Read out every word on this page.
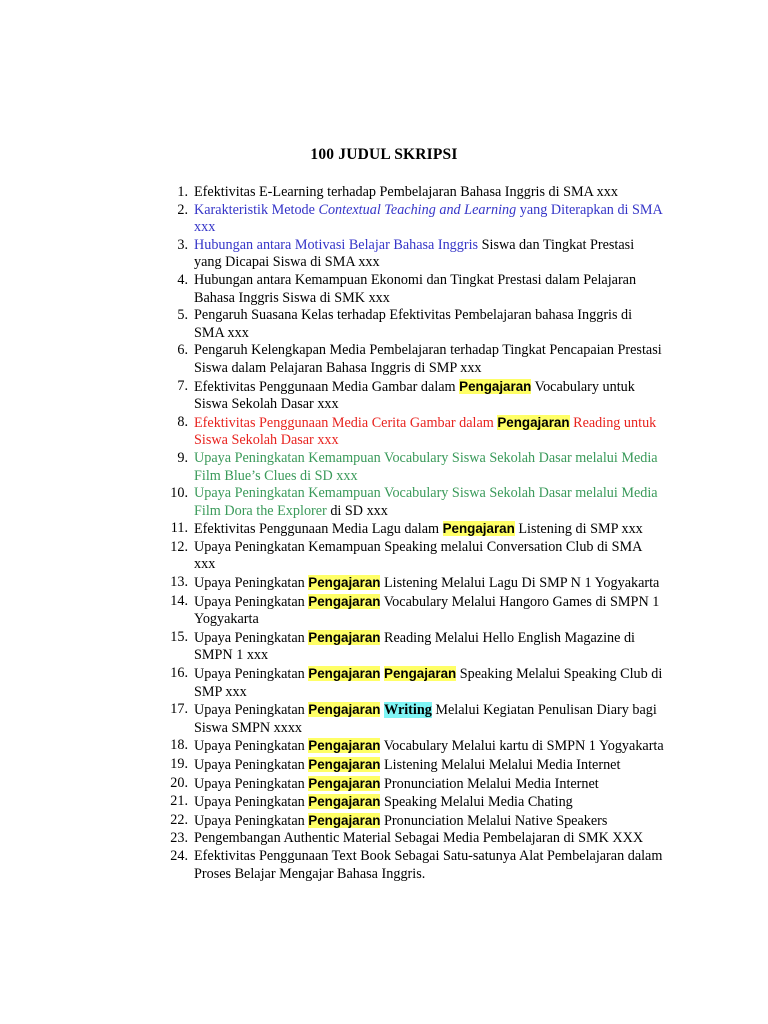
100 JUDUL SKRIPSI
1. Efektivitas E-Learning terhadap Pembelajaran Bahasa Inggris di SMA xxx
2. Karakteristik Metode Contextual Teaching and Learning yang Diterapkan di SMA xxx
3. Hubungan antara Motivasi Belajar Bahasa Inggris Siswa dan Tingkat Prestasi yang Dicapai Siswa di SMA xxx
4. Hubungan antara Kemampuan Ekonomi dan Tingkat Prestasi dalam Pelajaran Bahasa Inggris Siswa di SMK xxx
5. Pengaruh Suasana Kelas terhadap Efektivitas Pembelajaran bahasa Inggris di SMA xxx
6. Pengaruh Kelengkapan Media Pembelajaran terhadap Tingkat Pencapaian Prestasi Siswa dalam Pelajaran Bahasa Inggris di SMP xxx
7. Efektivitas Penggunaan Media Gambar dalam Pengajaran Vocabulary untuk Siswa Sekolah Dasar xxx
8. Efektivitas Penggunaan Media Cerita Gambar dalam Pengajaran Reading untuk Siswa Sekolah Dasar xxx
9. Upaya Peningkatan Kemampuan Vocabulary Siswa Sekolah Dasar melalui Media Film Blue’s Clues di SD xxx
10. Upaya Peningkatan Kemampuan Vocabulary Siswa Sekolah Dasar melalui Media Film Dora the Explorer di SD xxx
11. Efektivitas Penggunaan Media Lagu dalam Pengajaran Listening di SMP xxx
12. Upaya Peningkatan Kemampuan Speaking melalui Conversation Club di SMA xxx
13. Upaya Peningkatan Pengajaran Listening Melalui Lagu Di SMP N 1 Yogyakarta
14. Upaya Peningkatan Pengajaran Vocabulary Melalui Hangoro Games di SMPN 1 Yogyakarta
15. Upaya Peningkatan Pengajaran Reading Melalui Hello English Magazine di SMPN 1 xxx
16. Upaya Peningkatan Pengajaran Pengajaran Speaking Melalui Speaking Club di SMP xxx
17. Upaya Peningkatan Pengajaran Writing Melalui Kegiatan Penulisan Diary bagi Siswa SMPN xxxx
18. Upaya Peningkatan Pengajaran Vocabulary Melalui kartu di SMPN 1 Yogyakarta
19. Upaya Peningkatan Pengajaran Listening Melalui Melalui Media Internet
20. Upaya Peningkatan Pengajaran Pronunciation Melalui Media Internet
21. Upaya Peningkatan Pengajaran Speaking Melalui Media Chating
22. Upaya Peningkatan Pengajaran Pronunciation Melalui Native Speakers
23. Pengembangan Authentic Material Sebagai Media Pembelajaran di SMK XXX
24. Efektivitas Penggunaan Text Book Sebagai Satu-satunya Alat Pembelajaran dalam Proses Belajar Mengajar Bahasa Inggris.
